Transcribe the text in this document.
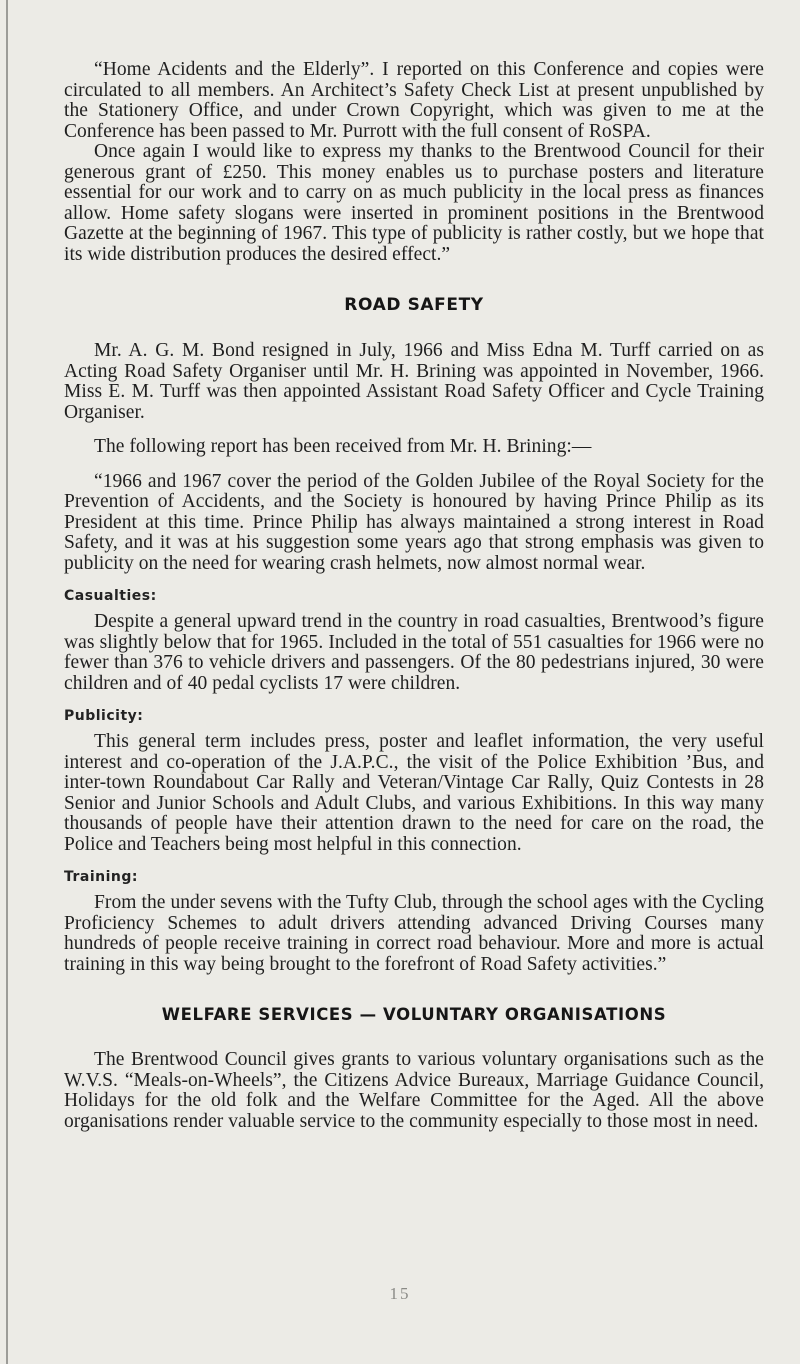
“Home Acidents and the Elderly”. I reported on this Conference and copies were circulated to all members. An Architect’s Safety Check List at present unpublished by the Stationery Office, and under Crown Copyright, which was given to me at the Conference has been passed to Mr. Purrott with the full consent of RoSPA.

Once again I would like to express my thanks to the Brentwood Council for their generous grant of £250. This money enables us to purchase posters and literature essential for our work and to carry on as much publicity in the local press as finances allow. Home safety slogans were inserted in prominent positions in the Brentwood Gazette at the beginning of 1967. This type of publicity is rather costly, but we hope that its wide distribution produces the desired effect.”

ROAD SAFETY

Mr. A. G. M. Bond resigned in July, 1966 and Miss Edna M. Turff carried on as Acting Road Safety Organiser until Mr. H. Brining was appointed in November, 1966. Miss E. M. Turff was then appointed Assistant Road Safety Officer and Cycle Training Organiser.

The following report has been received from Mr. H. Brining:—

“1966 and 1967 cover the period of the Golden Jubilee of the Royal Society for the Prevention of Accidents, and the Society is honoured by having Prince Philip as its President at this time. Prince Philip has always maintained a strong interest in Road Safety, and it was at his suggestion some years ago that strong emphasis was given to publicity on the need for wearing crash helmets, now almost normal wear.

Casualties:

Despite a general upward trend in the country in road casualties, Brentwood’s figure was slightly below that for 1965. Included in the total of 551 casualties for 1966 were no fewer than 376 to vehicle drivers and passengers. Of the 80 pedestrians injured, 30 were children and of 40 pedal cyclists 17 were children.

Publicity:

This general term includes press, poster and leaflet information, the very useful interest and co-operation of the J.A.P.C., the visit of the Police Exhibition ’Bus, and inter-town Roundabout Car Rally and Veteran/Vintage Car Rally, Quiz Contests in 28 Senior and Junior Schools and Adult Clubs, and various Exhibitions. In this way many thousands of people have their attention drawn to the need for care on the road, the Police and Teachers being most helpful in this connection.

Training:

From the under sevens with the Tufty Club, through the school ages with the Cycling Proficiency Schemes to adult drivers attending advanced Driving Courses many hundreds of people receive training in correct road behaviour. More and more is actual training in this way being brought to the forefront of Road Safety activities.”

WELFARE SERVICES — VOLUNTARY ORGANISATIONS

The Brentwood Council gives grants to various voluntary organisations such as the W.V.S. “Meals-on-Wheels”, the Citizens Advice Bureaux, Marriage Guidance Council, Holidays for the old folk and the Welfare Committee for the Aged. All the above organisations render valuable service to the community especially to those most in need.

15
